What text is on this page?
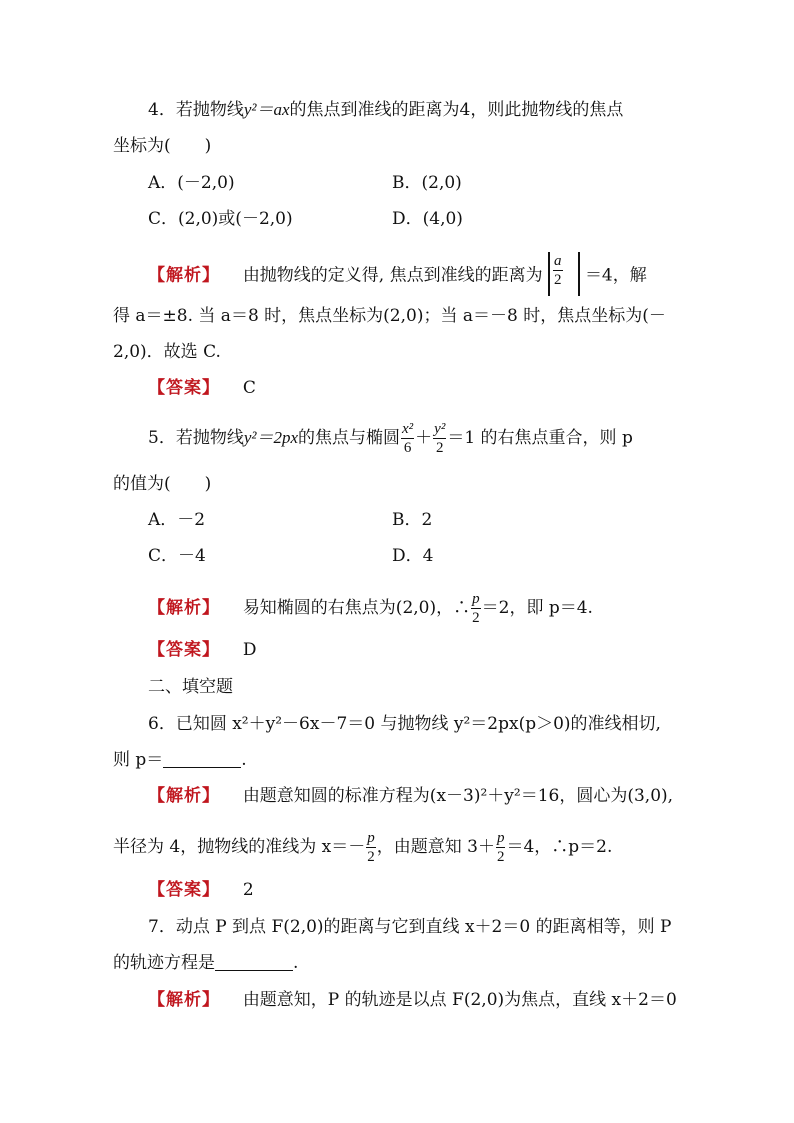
4．若抛物线y²＝ax的焦点到准线的距离为4，则此抛物线的焦点
坐标为(　　)
A．(－2,0)	B．(2,0)
C．(2,0)或(－2,0)	D．(4,0)
【解析】 由抛物线的定义得, 焦点到准线的距离为 $\frac{a}{2} =4$，解
得 a＝±8. 当 a＝8 时，焦点坐标为(2,0)；当 a＝－8 时，焦点坐标为(－
2,0)．故选 C.
【答案】 C
5．若抛物线y²＝2px的焦点与椭圆 $\frac{\text{x²}}{6} + \frac{\text{y²}}{2} =1$ 的右焦点重合，则 p
的值为(　　)
A．－2	B．2
C．－4	D．4
【解析】 易知椭圆的右焦点为(2,0)，∴ $\frac{p}{2} =2$，即 p＝4.
【答案】 D
二、填空题
6．已知圆 x²＋y²－6x－7＝0 与抛物线 y²＝2px(p＞0)的准线相切,
则 p＝	.
【解析】 由题意知圆的标准方程为(x－3)²＋y²＝16，圆心为(3,0),
半径为 4，抛物线的准线为 $x=- \frac{p}{2}$ ，由题意知 $3+ \frac{p}{2} =4$，∴p＝2.
【答案】 2
7．动点 P 到点 F(2,0)的距离与它到直线 x＋2＝0 的距离相等，则 P
的轨迹方程是	.
【解析】 由题意知，P 的轨迹是以点 F(2,0)为焦点，直线 x＋2＝0
